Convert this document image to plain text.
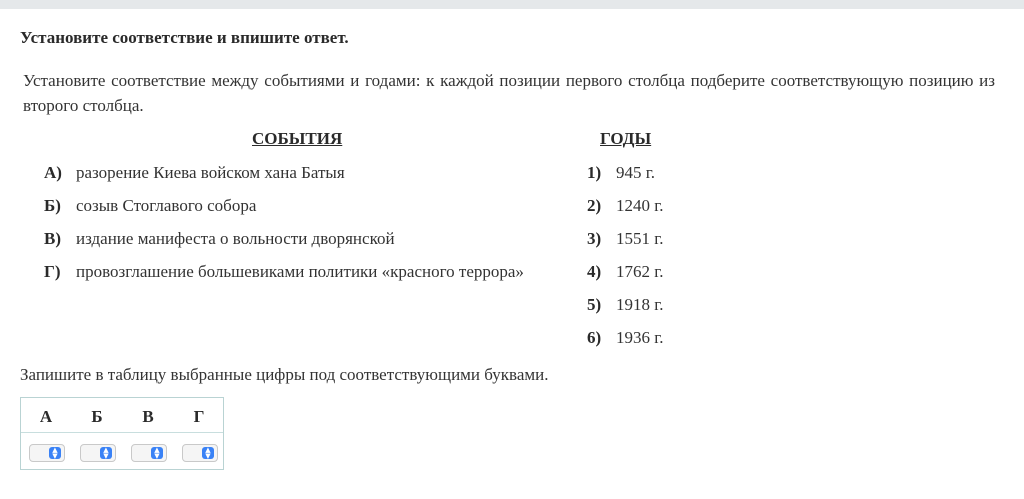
Установите соответствие и впишите ответ.
Установите соответствие между событиями и годами: к каждой позиции первого столбца подберите соответствующую позицию из второго столбца.
СОБЫТИЯ	ГОДЫ
А) разорение Киева войском хана Батыя
Б) созыв Стоглавого собора
В) издание манифеста о вольности дворянской
Г) провозглашение большевиками политики «красного террора»
1) 945 г.
2) 1240 г.
3) 1551 г.
4) 1762 г.
5) 1918 г.
6) 1936 г.
Запишите в таблицу выбранные цифры под соответствующими буквами.
А	Б	В	Г
▲
▼
▲
▼
▲
▼
▲
▼
